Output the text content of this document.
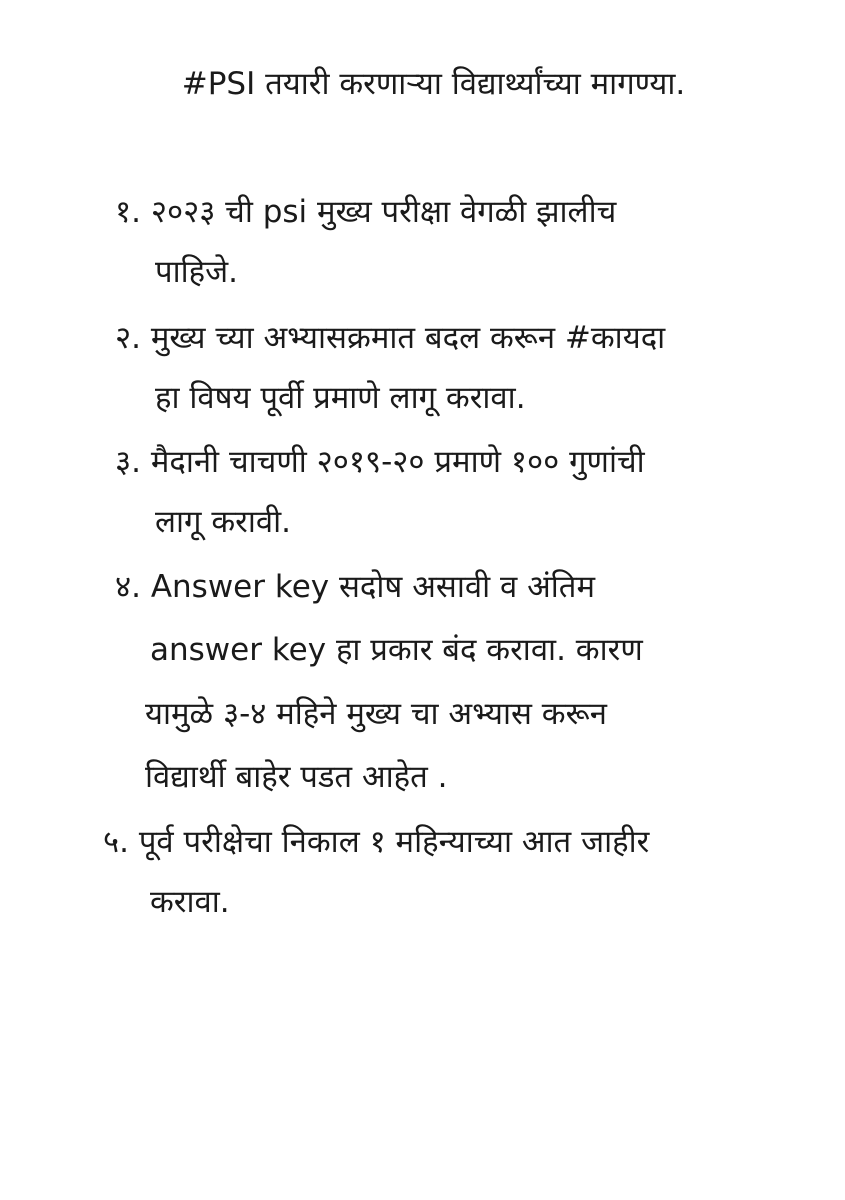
#PSI तयारी करणाऱ्या विद्यार्थ्यांच्या मागण्या.
१. २०२३ ची psi मुख्य परीक्षा वेगळी झालीच
पाहिजे.
२. मुख्य च्या अभ्यासक्रमात बदल करून #कायदा
हा विषय पूर्वी प्रमाणे लागू करावा.
३. मैदानी चाचणी २०१९-२० प्रमाणे १०० गुणांची
लागू करावी.
४. Answer key सदोष असावी व अंतिम
answer key हा प्रकार बंद करावा. कारण
यामुळे ३-४ महिने मुख्य चा अभ्यास करून
विद्यार्थी बाहेर पडत आहेत .
५. पूर्व परीक्षेचा निकाल १ महिन्याच्या आत जाहीर
करावा.
